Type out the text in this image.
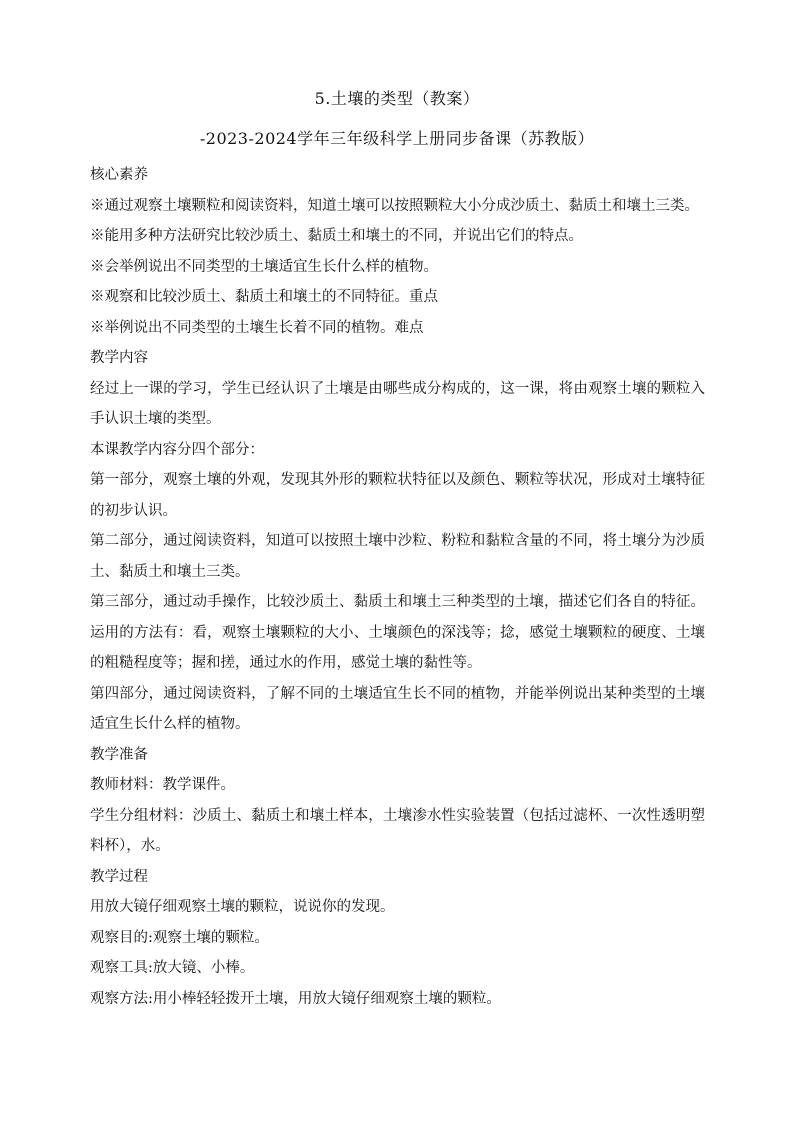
5.土壤的类型（教案）
-2023-2024学年三年级科学上册同步备课（苏教版）

核心素养

※通过观察土壤颗粒和阅读资料，知道土壤可以按照颗粒大小分成沙质土、黏质土和壤土三类。

※能用多种方法研究比较沙质土、黏质土和壤土的不同，并说出它们的特点。

※会举例说出不同类型的土壤适宜生长什么样的植物。

※观察和比较沙质土、黏质土和壤土的不同特征。重点

※举例说出不同类型的土壤生长着不同的植物。难点

教学内容

经过上一课的学习，学生已经认识了土壤是由哪些成分构成的，这一课，将由观察土壤的颗粒入手认识土壤的类型。

本课教学内容分四个部分：

第一部分，观察土壤的外观，发现其外形的颗粒状特征以及颜色、颗粒等状况，形成对土壤特征的初步认识。

第二部分，通过阅读资料，知道可以按照土壤中沙粒、粉粒和黏粒含量的不同，将土壤分为沙质土、黏质土和壤土三类。

第三部分，通过动手操作，比较沙质土、黏质土和壤土三种类型的土壤，描述它们各自的特征。运用的方法有：看，观察土壤颗粒的大小、土壤颜色的深浅等；捻，感觉土壤颗粒的硬度、土壤的粗糙程度等；握和搓，通过水的作用，感觉土壤的黏性等。

第四部分，通过阅读资料，了解不同的土壤适宜生长不同的植物，并能举例说出某种类型的土壤适宜生长什么样的植物。

教学准备

教师材料：教学课件。

学生分组材料：沙质土、黏质土和壤土样本，土壤渗水性实验装置（包括过滤杯、一次性透明塑料杯），水。

教学过程

用放大镜仔细观察土壤的颗粒，说说你的发现。

观察目的:观察土壤的颗粒。

观察工具:放大镜、小棒。

观察方法:用小棒轻轻拨开土壤，用放大镜仔细观察土壤的颗粒。
